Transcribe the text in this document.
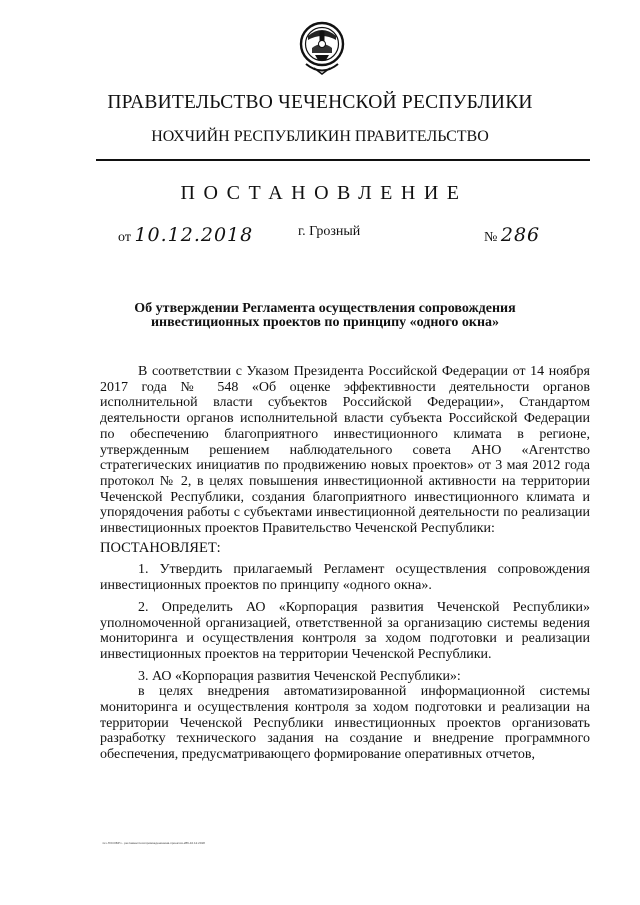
ПРАВИТЕЛЬСТВО ЧЕЧЕНСКОЙ РЕСПУБЛИКИ
НОХЧИЙН РЕСПУБЛИКИН ПРАВИТЕЛЬСТВО
ПОСТАНОВЛЕНИЕ
от 10.12.2018	г. Грозный	№ 286
Об утверждении Регламента осуществления сопровождения
инвестиционных проектов по принципу «одного окна»

В соответствии с Указом Президента Российской Федерации от 14 ноября 2017 года № 548 «Об оценке эффективности деятельности органов исполнительной власти субъектов Российской Федерации», Стандартом деятельности органов исполнительной власти субъекта Российской Федерации по обеспечению благоприятного инвестиционного климата в регионе, утвержденным решением наблюдательного совета АНО «Агентство стратегических инициатив по продвижению новых проектов» от 3 мая 2012 года протокол № 2, в целях повышения инвестиционной активности на территории Чеченской Республики, создания благоприятного инвестиционного климата и упорядочения работы с субъектами инвестиционной деятельности по реализации инвестиционных проектов Правительство Чеченской Республики:

ПОСТАНОВЛЯЕТ:

1. Утвердить прилагаемый Регламент осуществления сопровождения инвестиционных проектов по принципу «одного окна».

2. Определить АО «Корпорация развития Чеченской Республики» уполномоченной организацией, ответственной за организацию системы ведения мониторинга и осуществления контроля за ходом подготовки и реализации инвестиционных проектов на территории Чеченской Республики.

3. АО «Корпорация развития Чеченской Республики»:

в целях внедрения автоматизированной информационной системы мониторинга и осуществления контроля за ходом подготовки и реализации на территории Чеченской Республики инвестиционных проектов организовать разработку технического задания на создание и внедрение программного обеспечения, предусматривающего формирование оперативных отчетов,

ччч-ГОСОБРч - регламентпосопровождениюинв-проектов-286-10.12.2018
